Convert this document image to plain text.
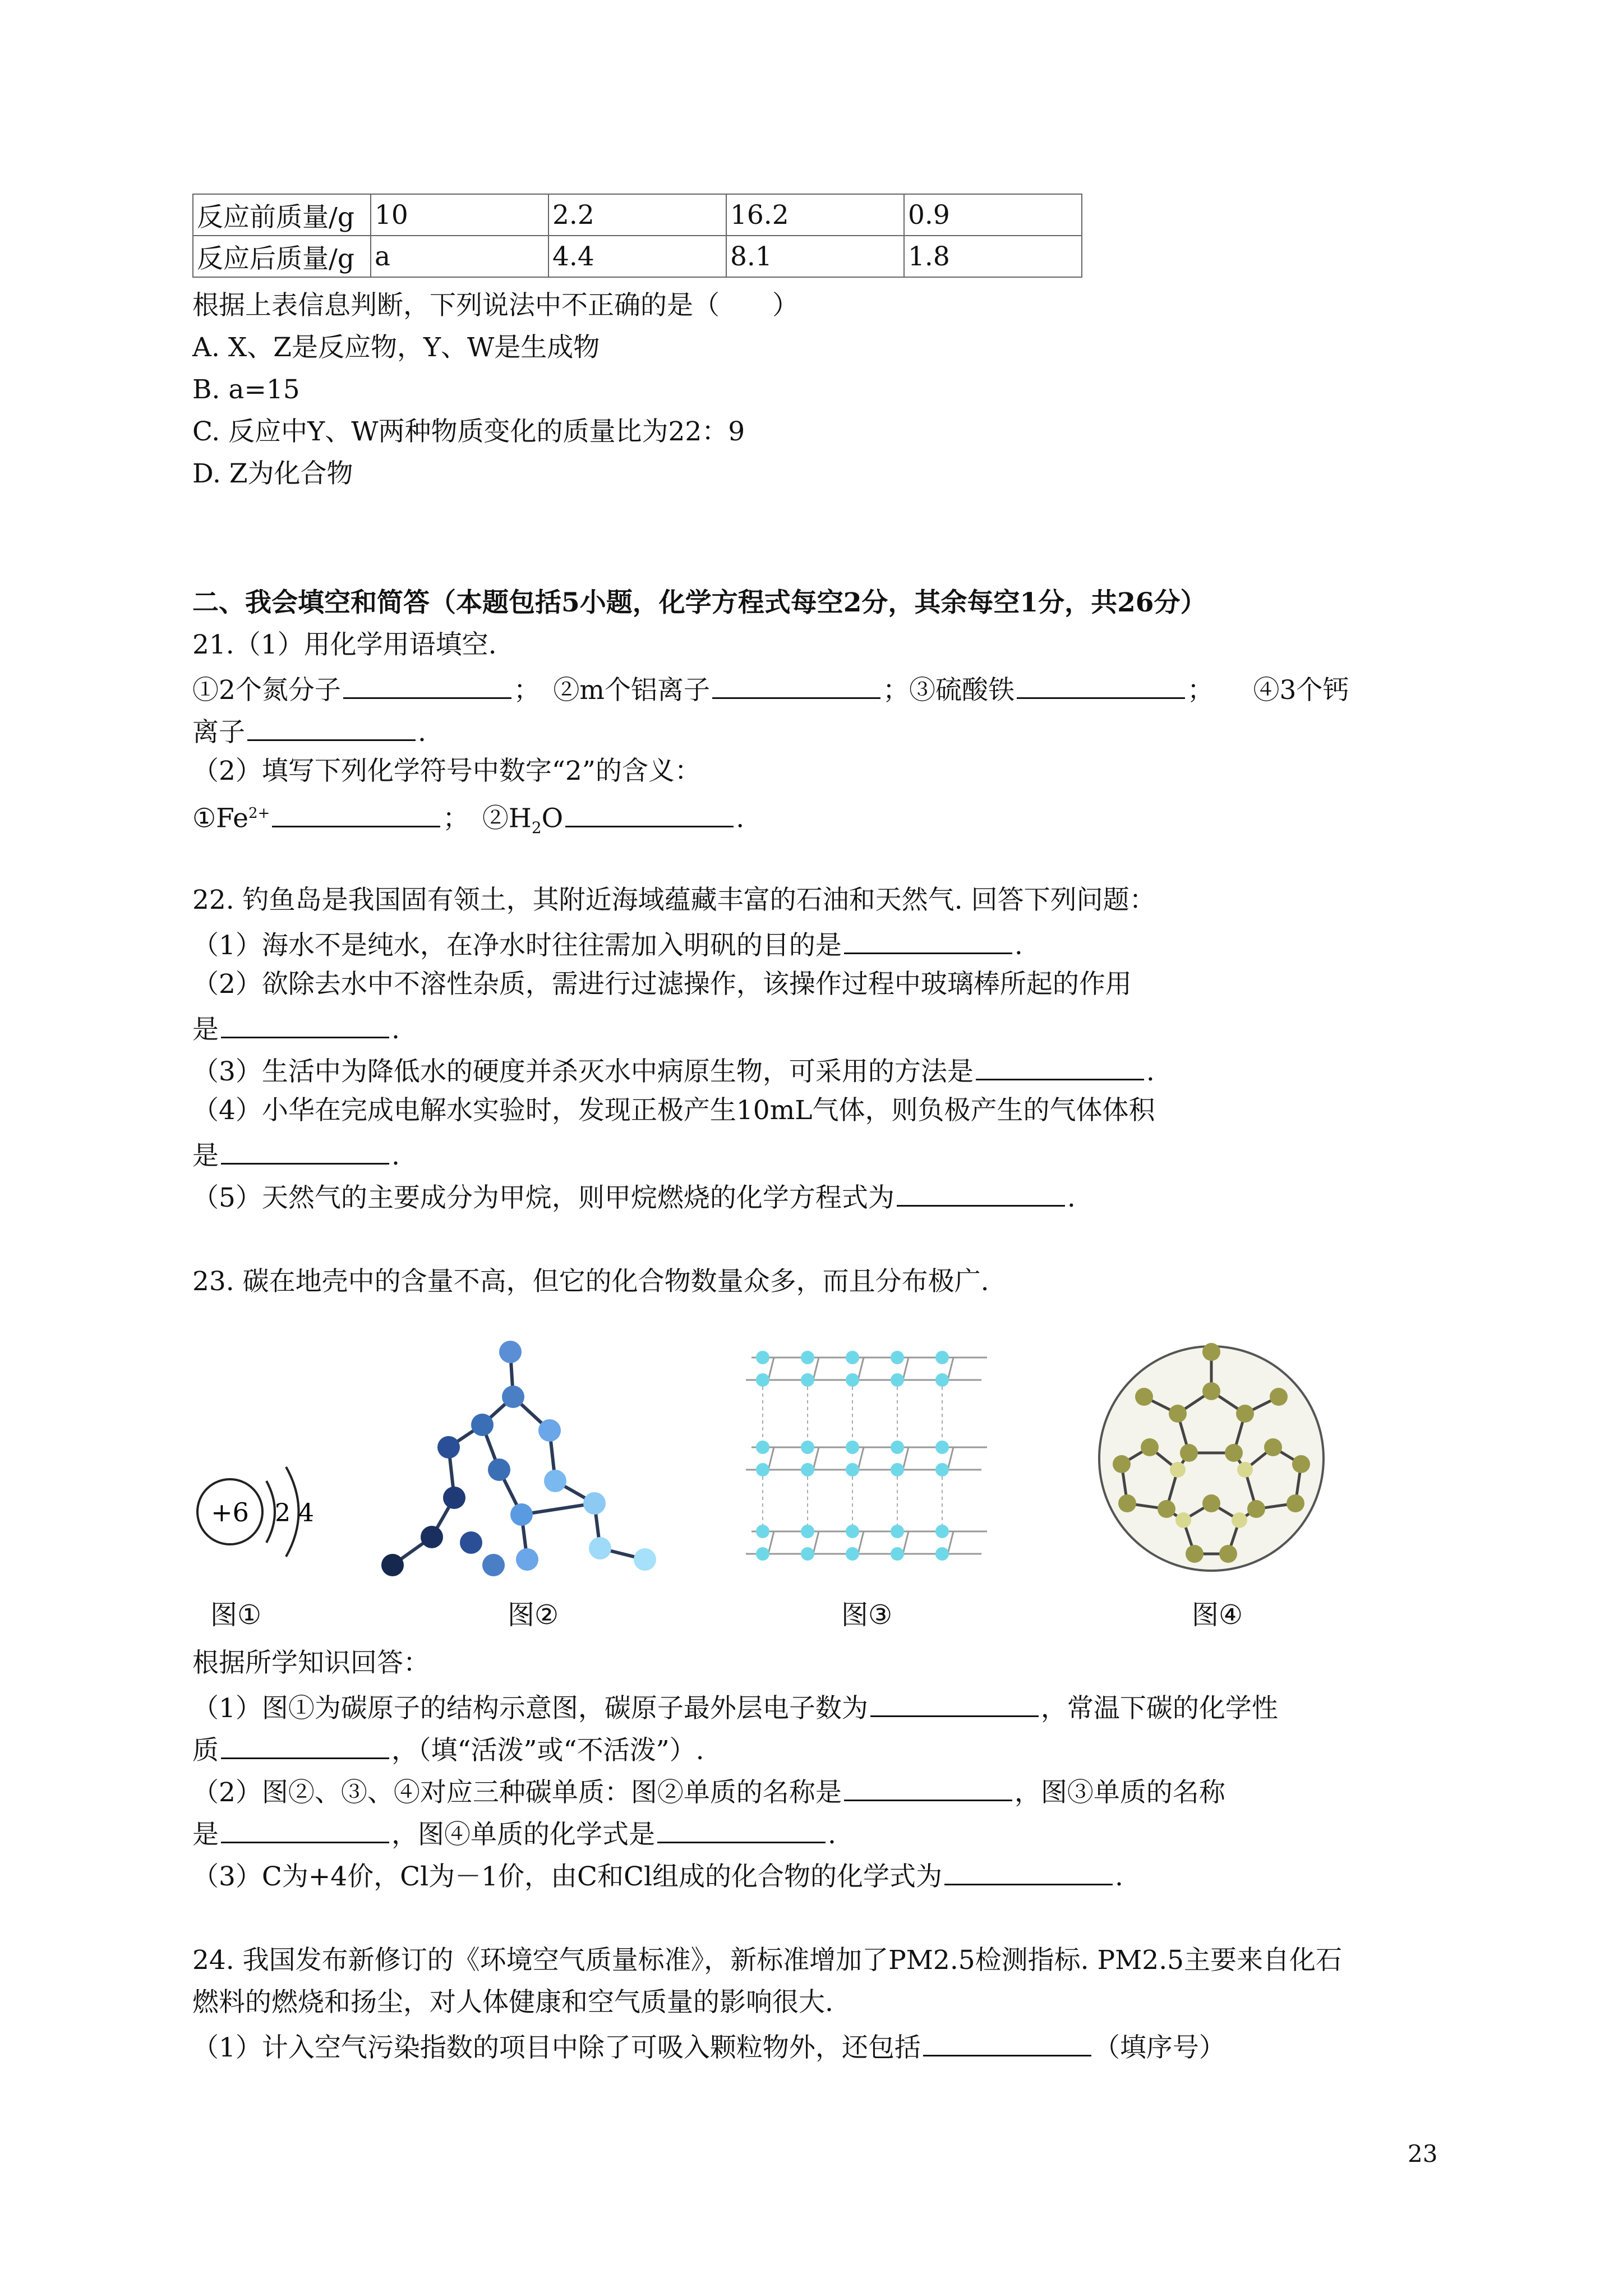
反应前质量/g	10	2.2	16.2	0.9
反应后质量/g	a	4.4	8.1	1.8
根据上表信息判断，下列说法中不正确的是（　　）
A. X、Z是反应物，Y、W是生成物
B. a=15
C. 反应中Y、W两种物质变化的质量比为22：9
D. Z为化合物
二、我会填空和简答（本题包括5小题，化学方程式每空2分，其余每空1分，共26分）
21.（1）用化学用语填空.
①2个氮分子	；　②m个铝离子	；③硫酸铁	；　　④3个钙
离子	.
（2）填写下列化学符号中数字“2”的含义：
$①Fe^{2+}$	；　$②H_2O$	.
22. 钓鱼岛是我国固有领土，其附近海域蕴藏丰富的石油和天然气. 回答下列问题：
（1）海水不是纯水，在净水时往往需加入明矾的目的是	.
（2）欲除去水中不溶性杂质，需进行过滤操作，该操作过程中玻璃棒所起的作用
是	.
（3）生活中为降低水的硬度并杀灭水中病原生物，可采用的方法是	.
（4）小华在完成电解水实验时，发现正极产生10mL气体，则负极产生的气体体积
是	.
（5）天然气的主要成分为甲烷，则甲烷燃烧的化学方程式为	.
23. 碳在地壳中的含量不高，但它的化合物数量众多，而且分布极广.
+6 2 4
图①	图②	图③	图④
根据所学知识回答：
（1）图①为碳原子的结构示意图，碳原子最外层电子数为	，常温下碳的化学性
质	，（填“活泼”或“不活泼”）.
（2）图②、③、④对应三种碳单质：图②单质的名称是	，图③单质的名称
是	，图④单质的化学式是	.
（3）C为+4价，Cl为－1价，由C和Cl组成的化合物的化学式为	.
24. 我国发布新修订的《环境空气质量标准》，新标准增加了PM2.5检测指标. PM2.5主要来自化石
燃料的燃烧和扬尘，对人体健康和空气质量的影响很大.
（1）计入空气污染指数的项目中除了可吸入颗粒物外，还包括	（填序号）
23
